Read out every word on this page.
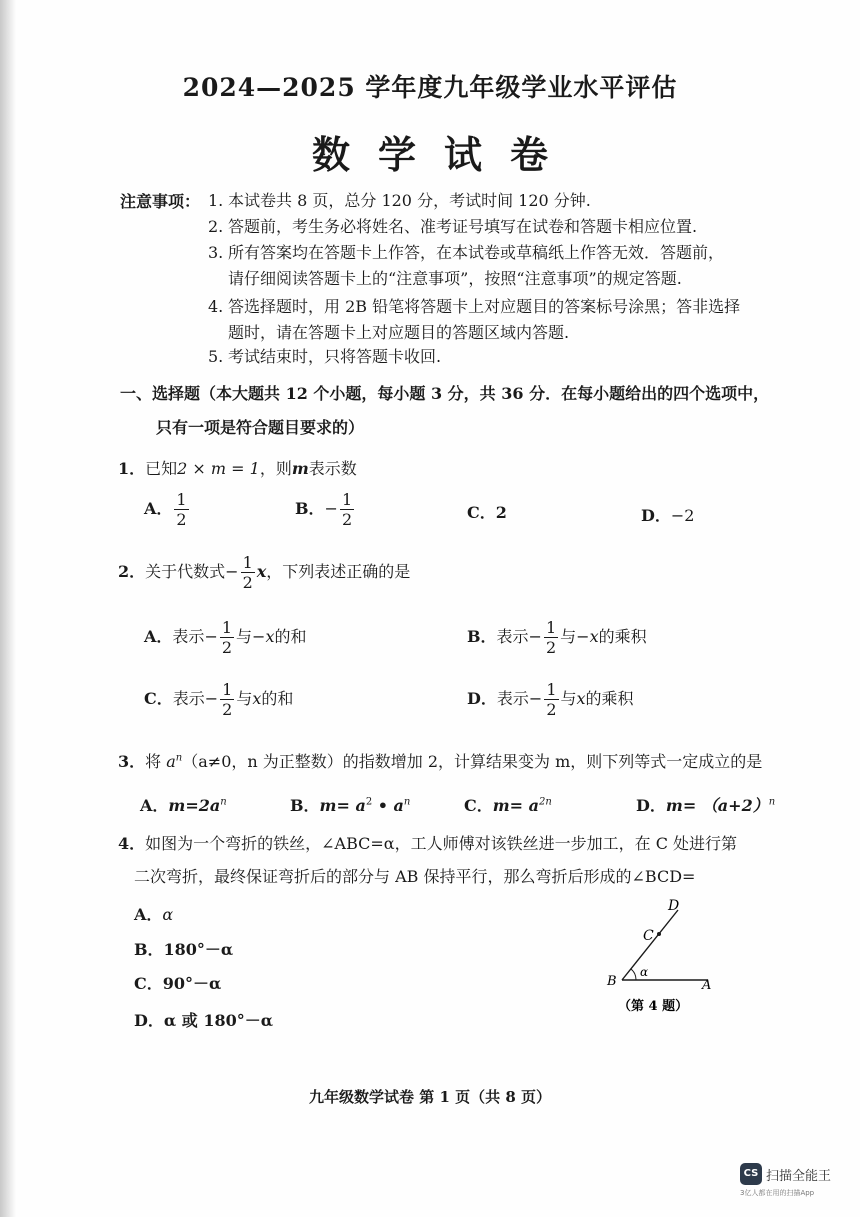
2024—2025 学年度九年级学业水平评估
数学试卷
注意事项： 1. 本试卷共 8 页，总分 120 分，考试时间 120 分钟.
2. 答题前，考生务必将姓名、准考证号填写在试卷和答题卡相应位置.
3. 所有答案均在答题卡上作答，在本试卷或草稿纸上作答无效．答题前，
请仔细阅读答题卡上的“注意事项”，按照“注意事项”的规定答题.
4. 答选择题时，用 2B 铅笔将答题卡上对应题目的答案标号涂黑；答非选择
题时，请在答题卡上对应题目的答题区域内答题.
5. 考试结束时，只将答题卡收回.
一、选择题（本大题共 12 个小题，每小题 3 分，共 36 分．在每小题给出的四个选项中，
只有一项是符合题目要求的）
1．已知2 × m = 1，则m表示数
A． $\frac{1}{2}$	B．− $\frac{1}{2}$	C．2	D．−2
2．关于代数式− $\frac{1}{2}$ x，下列表述正确的是
A．表示− $\frac{1}{2}$ 与−x的和	B．表示− $\frac{1}{2}$ 与−x的乘积
C．表示− $\frac{1}{2}$ 与x的和	D．表示− $\frac{1}{2}$ 与x的乘积
3．将 $a^n(a\ne 0$，n 为正整数）的指数增加 2，计算结果变为 m，则下列等式一定成立的是
A．$m=2a^n$	B．$m= a^2$ • $a^n$	C．$m= a^{2n}$	D．$m= (a+2)^n$
4．如图为一个弯折的铁丝，∠ABC=α，工人师傅对该铁丝进一步加工，在 C 处进行第
二次弯折，最终保证弯折后的部分与 AB 保持平行，那么弯折后形成的∠BCD=
A．α
B．180°－α
C．90°－α
D．α 或 180°－α
D
C
B	A
α
（第 4 题）
九年级数学试卷 第 1 页（共 8 页）
CS 扫描全能王
3亿人都在用的扫描App
